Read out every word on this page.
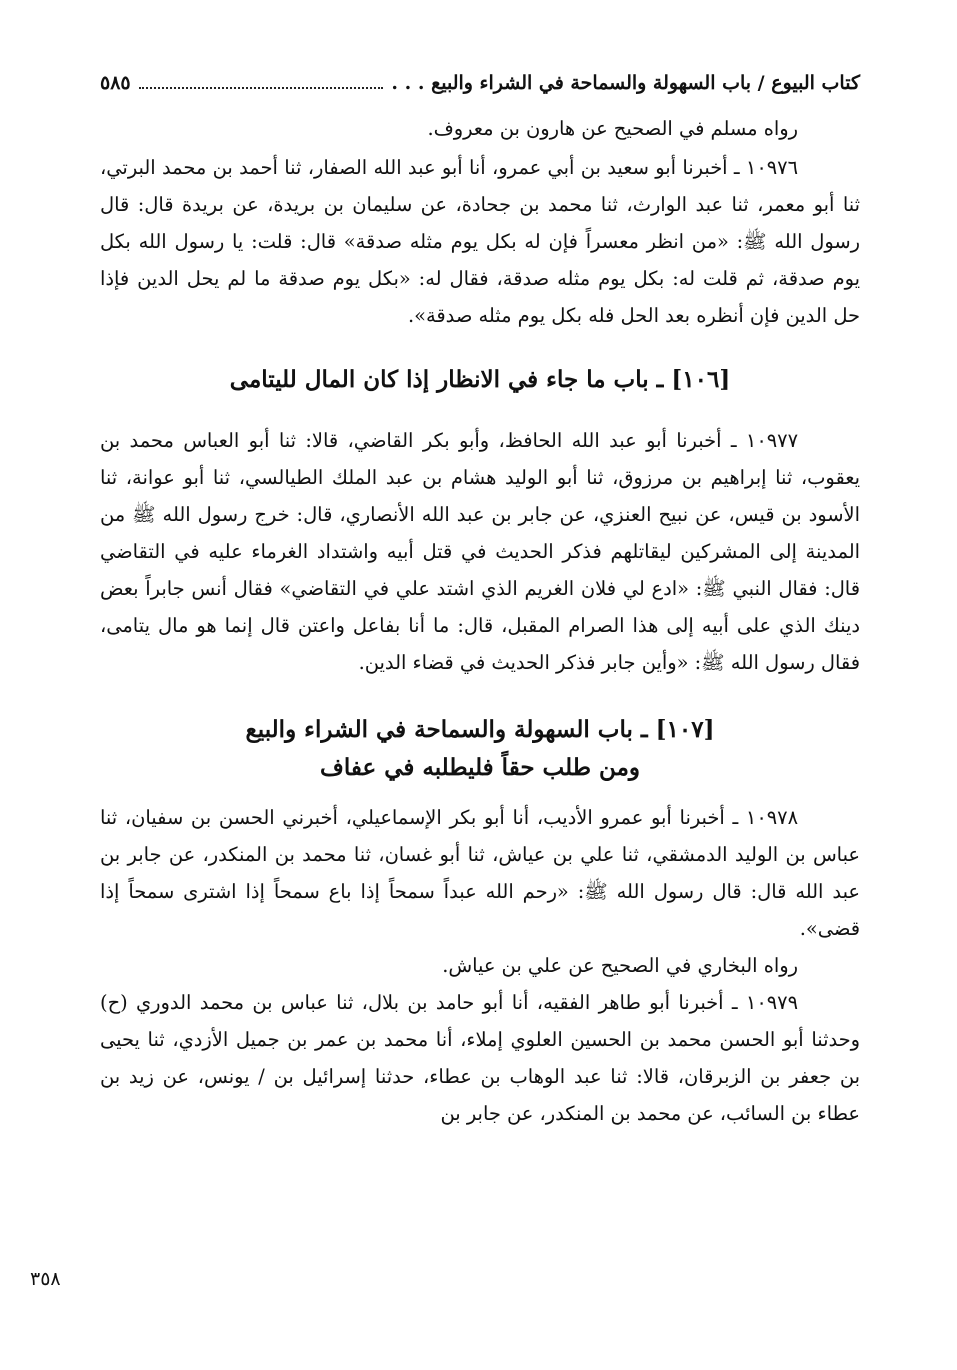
كتاب البيوع / باب السهولة والسماحة في الشراء والبيع . . .
٥٨٥

رواه مسلم في الصحيح عن هارون بن معروف.

١٠٩٧٦ ـ أخبرنا أبو سعيد بن أبي عمرو، أنا أبو عبد الله الصفار، ثنا أحمد بن محمد البرتي، ثنا أبو معمر، ثنا عبد الوارث، ثنا محمد بن جحادة، عن سليمان بن بريدة، عن بريدة قال: قال رسول الله ﷺ: «من انظر معسراً فإن له بكل يوم مثله صدقة» قال: قلت: يا رسول الله بكل يوم صدقة، ثم قلت له: بكل يوم مثله صدقة، فقال له: «بكل يوم صدقة ما لم يحل الدين فإذا حل الدين فإن أنظره بعد الحل فله بكل يوم مثله صدقة».

[١٠٦] ـ باب ما جاء في الانظار إذا كان المال لليتامى

١٠٩٧٧ ـ أخبرنا أبو عبد الله الحافظ، وأبو بكر القاضي، قالا: ثنا أبو العباس محمد بن يعقوب، ثنا إبراهيم بن مرزوق، ثنا أبو الوليد هشام بن عبد الملك الطيالسي، ثنا أبو عوانة، ثنا الأسود بن قيس، عن نبيح العنزي، عن جابر بن عبد الله الأنصاري، قال: خرج رسول الله ﷺ من المدينة إلى المشركين ليقاتلهم فذكر الحديث في قتل أبيه واشتداد الغرماء عليه في التقاضي قال: فقال النبي ﷺ: «ادع لي فلان الغريم الذي اشتد علي في التقاضي» فقال أنس جابراً بعض دينك الذي على أبيه إلى هذا الصرام المقبل، قال: ما أنا بفاعل واعتن قال إنما هو مال يتامى، فقال رسول الله ﷺ: «وأين جابر فذكر الحديث في قضاء الدين.

[١٠٧] ـ باب السهولة والسماحة في الشراء والبيع
ومن طلب حقاً فليطلبه في عفاف

١٠٩٧٨ ـ أخبرنا أبو عمرو الأديب، أنا أبو بكر الإسماعيلي، أخبرني الحسن بن سفيان، ثنا عباس بن الوليد الدمشقي، ثنا علي بن عياش، ثنا أبو غسان، ثنا محمد بن المنكدر، عن جابر بن عبد الله قال: قال رسول الله ﷺ: «رحم الله عبداً سمحاً إذا باع سمحاً إذا اشترى سمحاً إذا قضى».

رواه البخاري في الصحيح عن علي بن عياش.

١٠٩٧٩ ـ أخبرنا أبو طاهر الفقيه، أنا أبو حامد بن بلال، ثنا عباس بن محمد الدوري (ح) وحدثنا أبو الحسن محمد بن الحسين العلوي إملاء، أنا محمد بن عمر بن جميل الأزدي، ثنا يحيى بن جعفر بن الزبرقان، قالا: ثنا عبد الوهاب بن عطاء، حدثنا إسرائيل بن / يونس، عن زيد بن عطاء بن السائب، عن محمد بن المنكدر، عن جابر بن

٣٥٨
